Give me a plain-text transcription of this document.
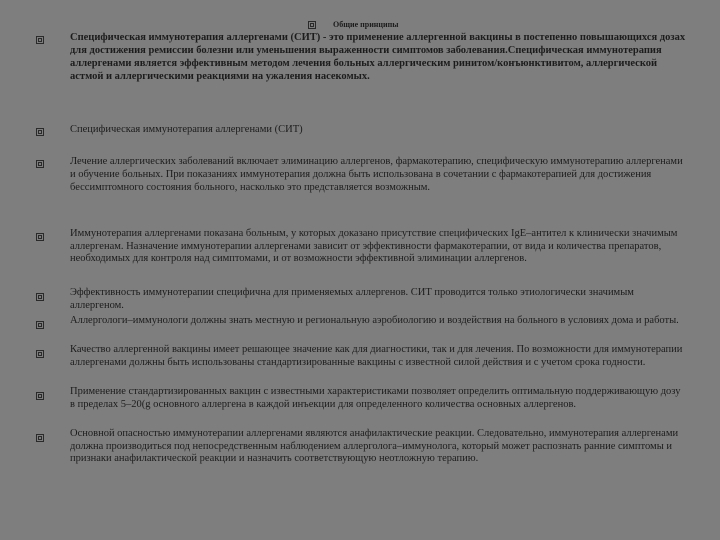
Общие принципы
Специфическая иммунотерапия аллергенами (СИТ) - это применение аллергенной вакцины в постепенно повышающихся дозах для достижения ремиссии болезни или уменьшения выраженности симптомов заболевания.Специфическая иммунотерапия аллергенами является эффективным методом лечения больных аллергическим ринитом/конъюнктивитом, аллергической астмой и аллергическими реакциями на ужаления насекомых.
Специфическая иммунотерапия аллергенами (СИТ)
Лечение аллергических заболеваний включает элиминацию аллергенов, фармакотерапию, специфическую иммунотерапию аллергенами и обучение больных. При показаниях иммунотерапия должна быть использована в сочетании с фармакотерапией для достижения бессимптомного состояния больного, насколько это представляется возможным.
Иммунотерапия аллергенами показана больным, у которых доказано присутствие специфических IgE–антител к клинически значимым аллергенам. Назначение иммунотерапии аллергенами зависит от эффективности фармакотерапии, от вида и количества препаратов, необходимых для контроля над симптомами, и от возможности эффективной элиминации аллергенов.
Эффективность иммунотерапии специфична для применяемых аллергенов. СИТ проводится только этиологически значимым аллергеном.
Аллергологи–иммунологи должны знать местную и региональную аэробиологию и воздействия на больного в условиях дома и работы.
Качество аллергенной вакцины имеет решающее значение как для диагностики, так и для лечения. По возможности для иммунотерапии аллергенами должны быть использованы стандартизированные вакцины с известной силой действия и с учетом срока годности.
Применение стандартизированных вакцин с известными характеристиками позволяет определить оптимальную поддерживающую дозу в пределах 5–20(g основного аллергена в каждой инъекции для определенного количества основных аллергенов.
Основной опасностью иммунотерапии аллергенами являются анафилактические реакции. Следовательно, иммунотерапия аллергенами должна производиться под непосредственным наблюдением аллерголога–иммунолога, который может распознать ранние симптомы и признаки анафилактической реакции и назначить соответствующую неотложную терапию.
